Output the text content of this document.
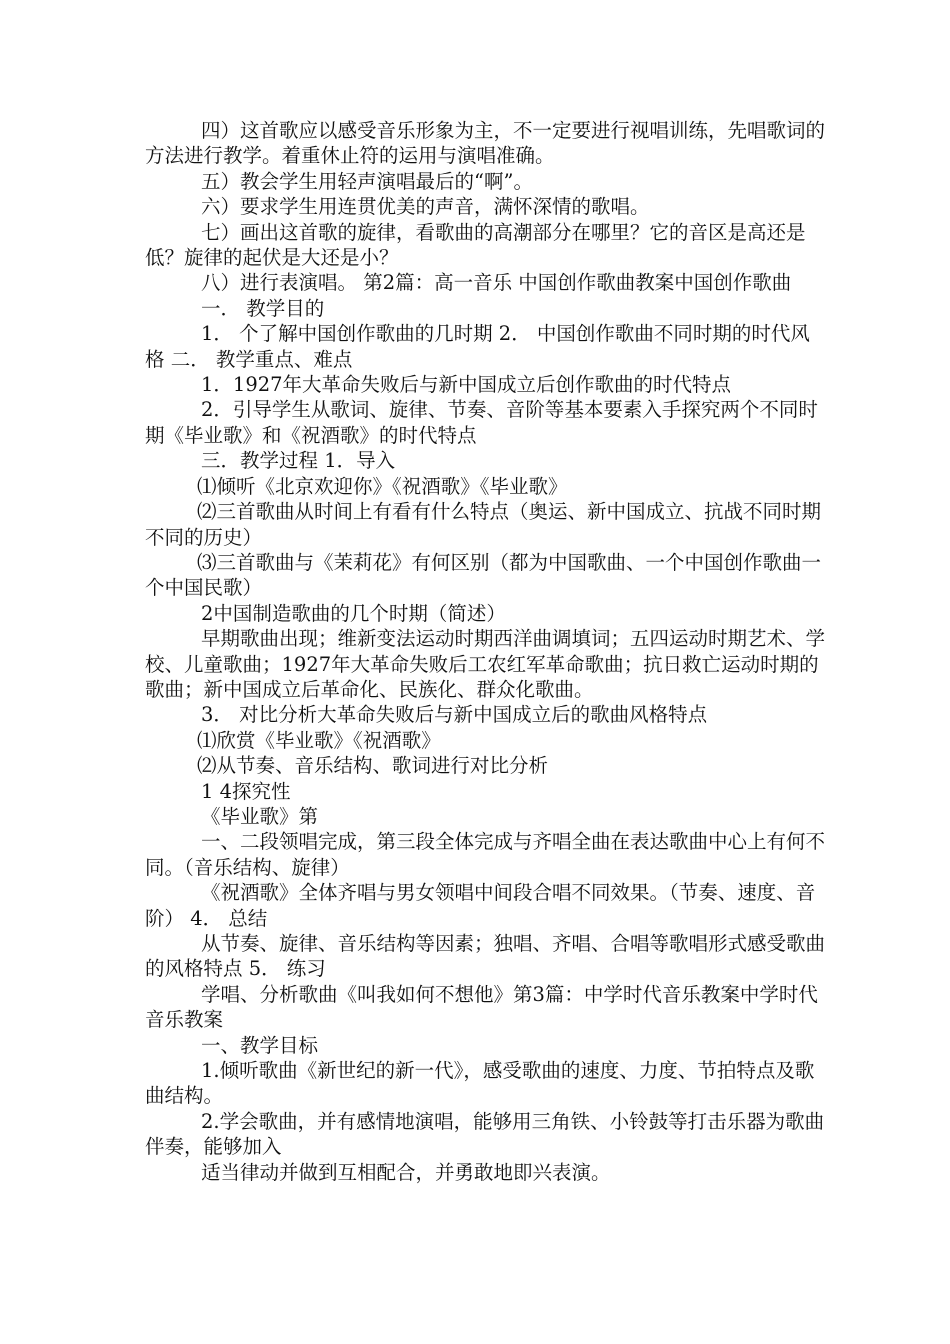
四）这首歌应以感受音乐形象为主，不一定要进行视唱训练，先唱歌词的方法进行教学。着重休止符的运用与演唱准确。

五）教会学生用轻声演唱最后的“啊”。

六）要求学生用连贯优美的声音，满怀深情的歌唱。

七）画出这首歌的旋律，看歌曲的高潮部分在哪里？它的音区是高还是低？旋律的起伏是大还是小？

八）进行表演唱。 第2篇：高一音乐 中国创作歌曲教案中国创作歌曲

一． 教学目的

1． 个了解中国创作歌曲的几时期 2． 中国创作歌曲不同时期的时代风格 二． 教学重点、难点

1．1927年大革命失败后与新中国成立后创作歌曲的时代特点

2．引导学生从歌词、旋律、节奏、音阶等基本要素入手探究两个不同时期《毕业歌》和《祝酒歌》的时代特点

三．教学过程 1．导入

⑴倾听《北京欢迎你》《祝酒歌》《毕业歌》

⑵三首歌曲从时间上有看有什么特点（奥运、新中国成立、抗战不同时期不同的历史）

⑶三首歌曲与《茉莉花》有何区别（都为中国歌曲、一个中国创作歌曲一个中国民歌）

2中国制造歌曲的几个时期（简述）

早期歌曲出现；维新变法运动时期西洋曲调填词；五四运动时期艺术、学校、儿童歌曲；1927年大革命失败后工农红军革命歌曲；抗日救亡运动时期的歌曲；新中国成立后革命化、民族化、群众化歌曲。

3． 对比分析大革命失败后与新中国成立后的歌曲风格特点

⑴欣赏《毕业歌》《祝酒歌》

⑵从节奏、音乐结构、歌词进行对比分析

1 4探究性

《毕业歌》第

一、二段领唱完成，第三段全体完成与齐唱全曲在表达歌曲中心上有何不同。（音乐结构、旋律）

《祝酒歌》全体齐唱与男女领唱中间段合唱不同效果。（节奏、速度、音阶） 4． 总结

从节奏、旋律、音乐结构等因素；独唱、齐唱、合唱等歌唱形式感受歌曲的风格特点 5． 练习

学唱、分析歌曲《叫我如何不想他》第3篇：中学时代音乐教案中学时代音乐教案

一、教学目标

1.倾听歌曲《新世纪的新一代》，感受歌曲的速度、力度、节拍特点及歌曲结构。

2.学会歌曲，并有感情地演唱，能够用三角铁、小铃鼓等打击乐器为歌曲伴奏，能够加入

适当律动并做到互相配合，并勇敢地即兴表演。
